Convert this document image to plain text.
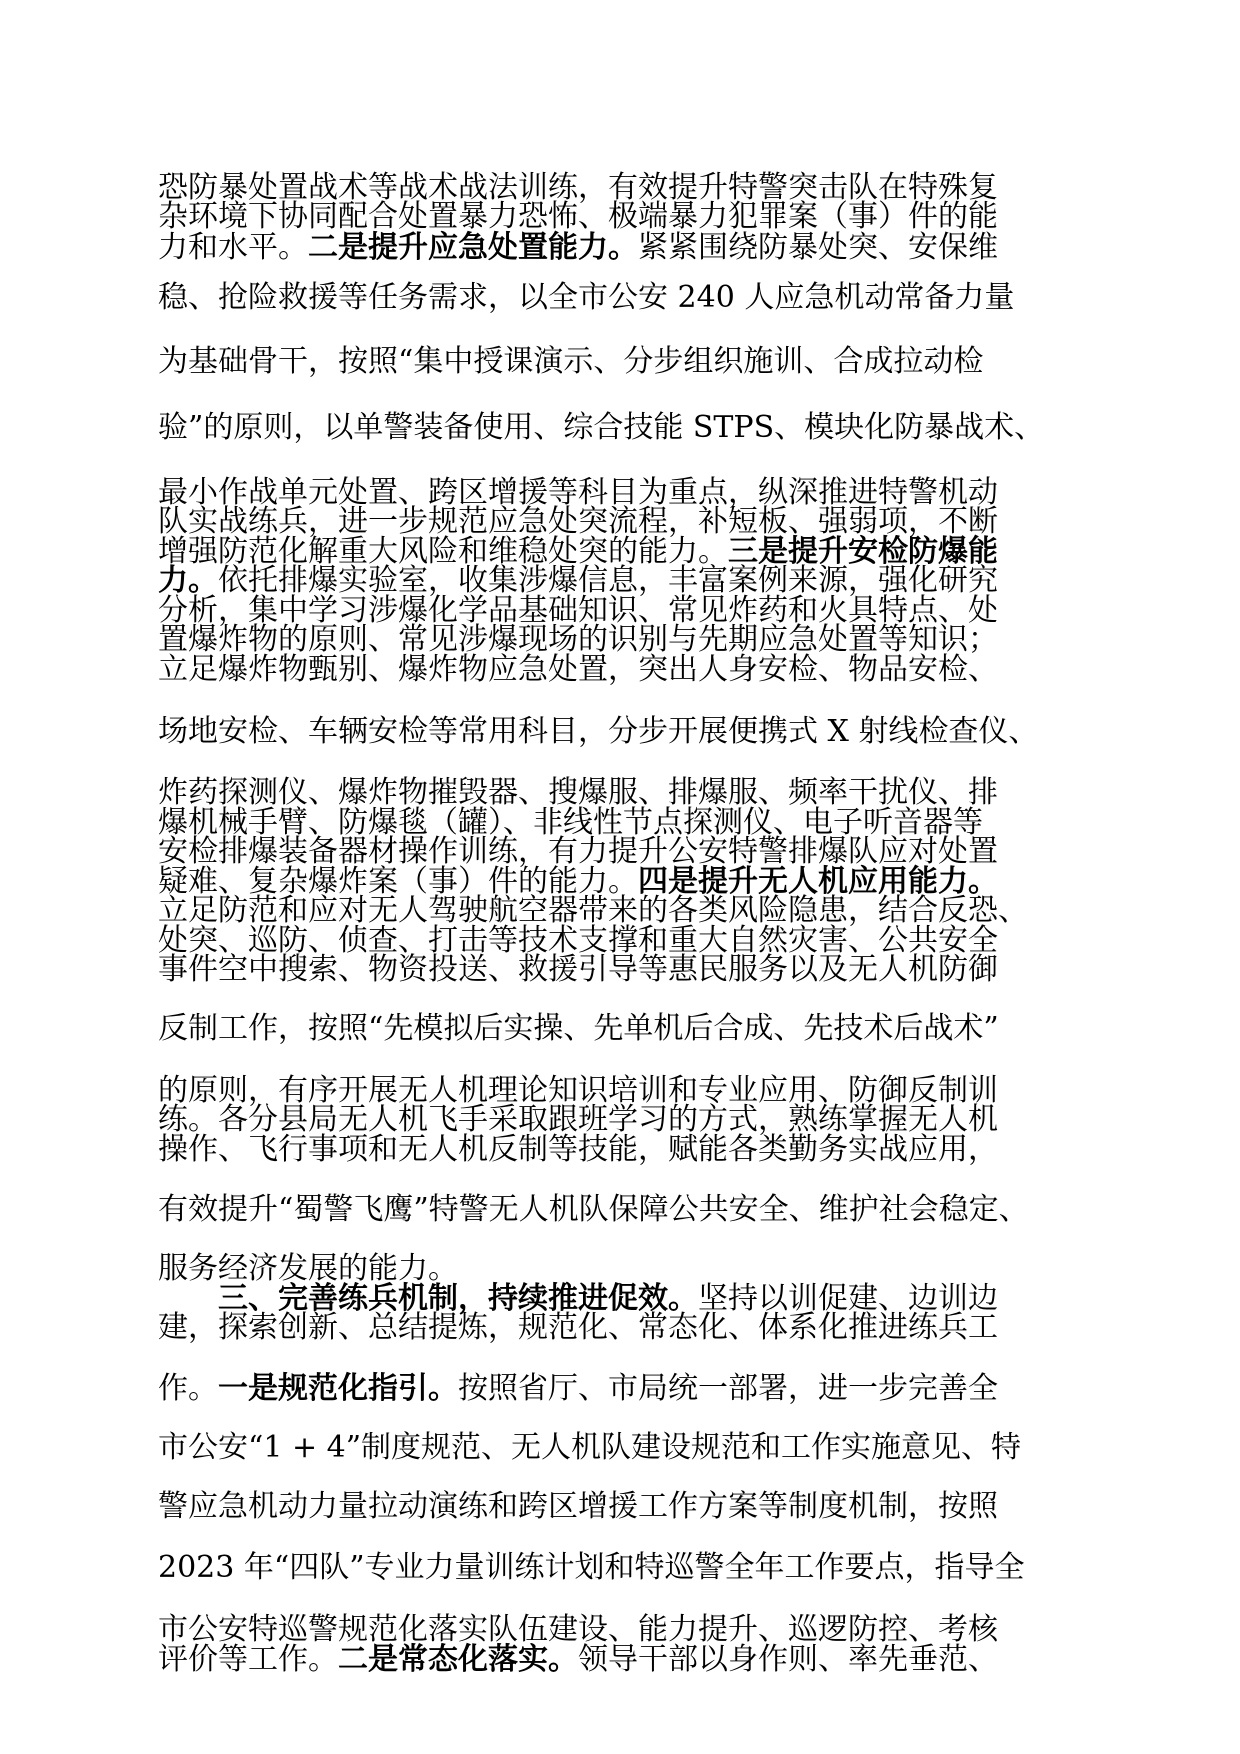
恐防暴处置战术等战术战法训练，有效提升特警突击队在特殊复
杂环境下协同配合处置暴力恐怖、极端暴力犯罪案（事）件的能
力和水平。二是提升应急处置能力。紧紧围绕防暴处突、安保维
稳、抢险救援等任务需求，以全市公安 240 人应急机动常备力量
为基础骨干，按照“集中授课演示、分步组织施训、合成拉动检
验”的原则，以单警装备使用、综合技能 STPS、模块化防暴战术、
最小作战单元处置、跨区增援等科目为重点，纵深推进特警机动
队实战练兵，进一步规范应急处突流程，补短板、强弱项，不断
增强防范化解重大风险和维稳处突的能力。三是提升安检防爆能
力。依托排爆实验室，收集涉爆信息，丰富案例来源，强化研究
分析，集中学习涉爆化学品基础知识、常见炸药和火具特点、处
置爆炸物的原则、常见涉爆现场的识别与先期应急处置等知识；
立足爆炸物甄别、爆炸物应急处置，突出人身安检、物品安检、
场地安检、车辆安检等常用科目，分步开展便携式 X 射线检查仪、
炸药探测仪、爆炸物摧毁器、搜爆服、排爆服、频率干扰仪、排
爆机械手臂、防爆毯（罐）、非线性节点探测仪、电子听音器等
安检排爆装备器材操作训练，有力提升公安特警排爆队应对处置
疑难、复杂爆炸案（事）件的能力。四是提升无人机应用能力。
立足防范和应对无人驾驶航空器带来的各类风险隐患，结合反恐、
处突、巡防、侦查、打击等技术支撑和重大自然灾害、公共安全
事件空中搜索、物资投送、救援引导等惠民服务以及无人机防御
反制工作，按照“先模拟后实操、先单机后合成、先技术后战术”
的原则，有序开展无人机理论知识培训和专业应用、防御反制训
练。各分县局无人机飞手采取跟班学习的方式，熟练掌握无人机
操作、飞行事项和无人机反制等技能，赋能各类勤务实战应用，
有效提升“蜀警飞鹰”特警无人机队保障公共安全、维护社会稳定、
服务经济发展的能力。
三、完善练兵机制，持续推进促效。坚持以训促建、边训边
建，探索创新、总结提炼，规范化、常态化、体系化推进练兵工
作。一是规范化指引。按照省厅、市局统一部署，进一步完善全
市公安“1 + 4”制度规范、无人机队建设规范和工作实施意见、特
警应急机动力量拉动演练和跨区增援工作方案等制度机制，按照
2023 年“四队”专业力量训练计划和特巡警全年工作要点，指导全
市公安特巡警规范化落实队伍建设、能力提升、巡逻防控、考核
评价等工作。二是常态化落实。领导干部以身作则、率先垂范、
